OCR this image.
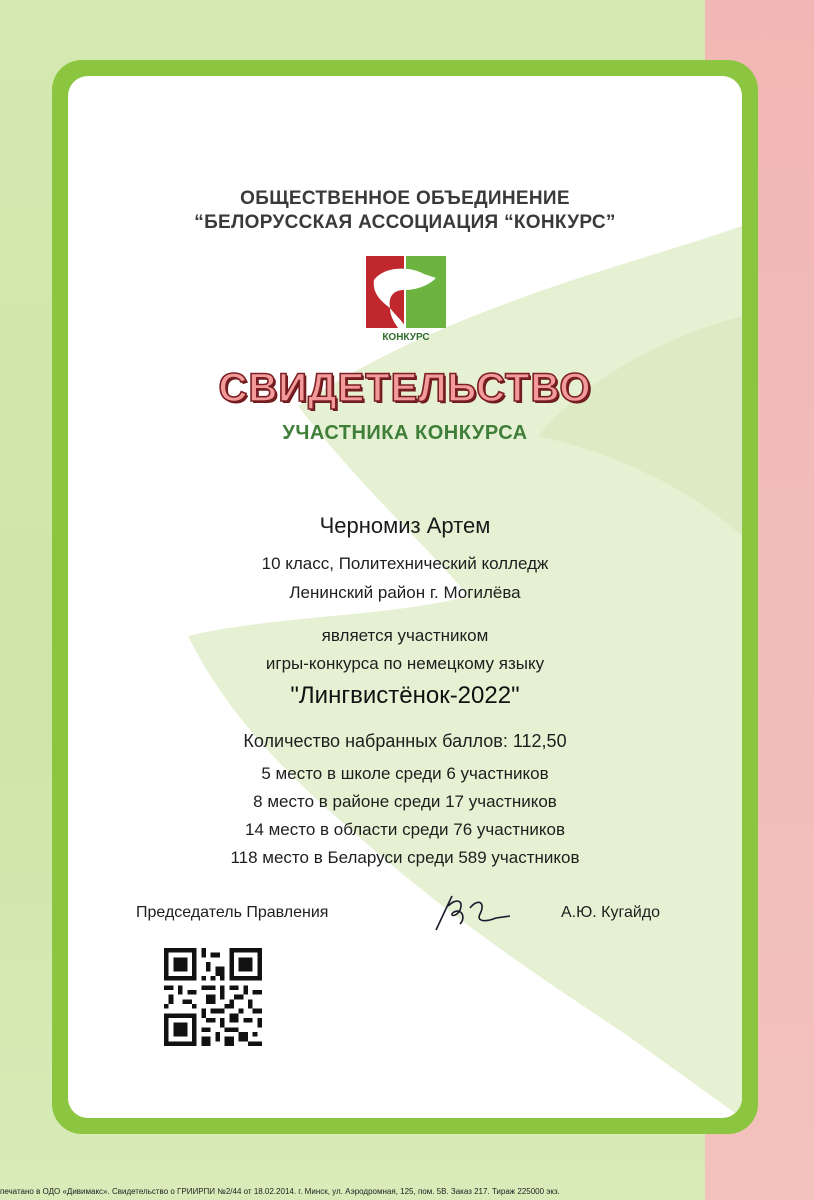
ОБЩЕСТВЕННОЕ ОБЪЕДИНЕНИЕ
“БЕЛОРУССКАЯ АССОЦИАЦИЯ “КОНКУРС”
КОНКУРС
СВИДЕТЕЛЬСТВО
УЧАСТНИКА КОНКУРСА
Черномиз Артем
10 класс, Политехнический колледж
Ленинский район г. Могилёва
является участником
игры-конкурса по немецкому языку
"Лингвистёнок-2022"
Количество набранных баллов: 112,50
5 место в школе среди 6 участников
8 место в районе среди 17 участников
14 место в области среди 76 участников
118 место в Беларуси среди 589 участников
Председатель Правления	А.Ю. Кугайдо
печатано в ОДО «Дивимакс». Свидетельство о ГРИИРПИ №2/44 от 18.02.2014. г. Минск, ул. Аэродромная, 125, пом. 5В. Заказ 217. Тираж 225000 экз.
